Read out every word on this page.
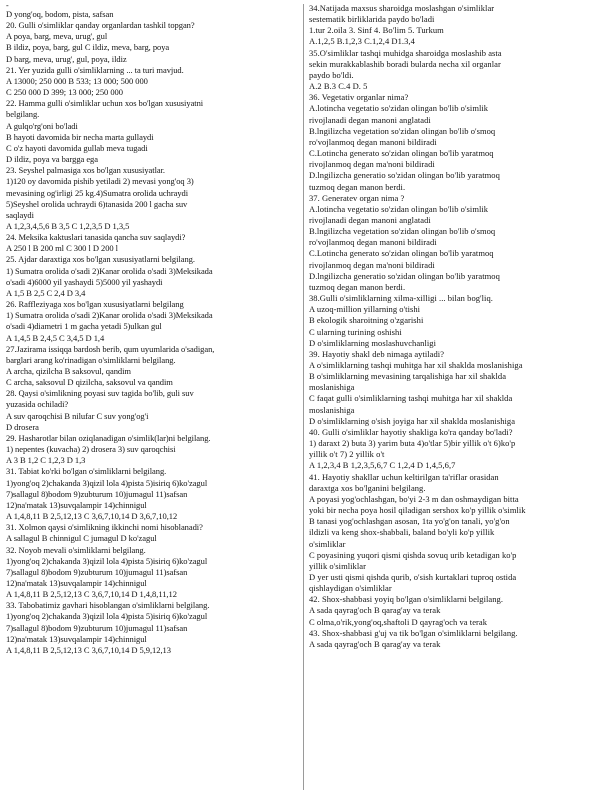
-
D yong'oq, bodom, pista, safsan
20. Gulli o'simliklar qanday organlardan tashkil topgan?
A poya, barg, meva, urug', gul
B ildiz, poya, barg, gul C ildiz, meva, barg, poya
D barg, meva, urug', gul, poya, ildiz
21. Yer yuzida gulli o'simliklarning ... ta turi mavjud.
A 13000; 250 000 B 533; 13 000; 500 000
C 250 000 D 399; 13 000; 250 000
22. Hamma gulli o'simliklar uchun xos bo'lgan xususiyatni
belgilang.
A gulqo'rg'oni bo'ladi
B hayoti davomida bir necha marta gullaydi
C o'z hayoti davomida gullab meva tugadi
D ildiz, poya va bargga ega
23. Seyshel palmasiga xos bo'lgan xususiyatlar.
1)120 oy davomida pishib yetiladi 2) mevasi yong'oq 3)
mevasining og'irligi 25 kg.4)Sumatra orolida uchraydi
5)Seyshel orolida uchraydi 6)tanasida 200 l gacha suv
saqlaydi
A 1,2,3,4,5,6 B 3,5 C 1,2,3,5 D 1,3,5
24. Meksika kaktuslari tanasida qancha suv saqlaydi?
A 250 l B 200 ml C 300 l D 200 l
25. Ajdar daraxtiga xos bo'lgan xususiyatlarni belgilang.
1) Sumatra orolida o'sadi 2)Kanar orolida o'sadi 3)Meksikada
o'sadi 4)6000 yil yashaydi 5)5000 yil yashaydi
A 1,5 B 2,5 C 2,4 D 3,4
26. Raffleziyaga xos bo'lgan xususiyatlarni belgilang
1) Sumatra orolida o'sadi 2)Kanar orolida o'sadi 3)Meksikada
o'sadi 4)diametri 1 m gacha yetadi 5)ulkan gul
A 1,4,5 B 2,4,5 C 3,4,5 D 1,4
27.Jazirama issiqqa bardosh berib, qum uyumlarida o'sadigan,
barglari arang ko'rinadigan o'simliklarni belgilang.
A archa, qizilcha B saksovul, qandim
C archa, saksovul D qizilcha, saksovul va qandim
28. Qaysi o'simlikning poyasi suv tagida bo'lib, guli suv
yuzasida ochiladi?
A suv qaroqchisi B nilufar C suv yong'og'i
D drosera
29. Hasharotlar bilan oziqlanadigan o'simlik(lar)ni belgilang.
1) nepentes (kuvacha) 2) drosera 3) suv qaroqchisi
A 3 B 1,2 C 1,2,3 D 1,3
31. Tabiat ko'rki bo'lgan o'simliklarni belgilang.
1)yong'oq 2)chakanda 3)qizil lola 4)pista 5)isiriq 6)ko'zagul
7)sallagul 8)bodom 9)zubturum 10)jumagul 11)safsan
12)na'matak 13)suvqalampir 14)chinnigul
A 1,4,8,11 B 2,5,12,13 C 3,6,7,10,14 D 3,6,7,10,12
31. Xolmon qaysi o'simlikning ikkinchi nomi hisoblanadi?
A sallagul B chinnigul C jumagul D ko'zagul
32. Noyob mevali o'simliklarni belgilang.
1)yong'oq 2)chakanda 3)qizil lola 4)pista 5)isiriq 6)ko'zagul
7)sallagul 8)bodom 9)zubturum 10)jumagul 11)safsan
12)na'matak 13)suvqalampir 14)chinnigul
A 1,4,8,11 B 2,5,12,13 C 3,6,7,10,14 D 1,4,8,11,12
33. Tabobatimiz gavhari hisoblangan o'simliklarni belgilang.
1)yong'oq 2)chakanda 3)qizil lola 4)pista 5)isiriq 6)ko'zagul
7)sallagul 8)bodom 9)zubturum 10)jumagul 11)safsan
12)na'matak 13)suvqalampir 14)chinnigul
A 1,4,8,11 B 2,5,12,13 C 3,6,7,10,14 D 5,9,12,13
34.Natijada maxsus sharoidga moslashgan o'simliklar
sestematik birliklarida paydo bo'ladi
1.tur 2.oila 3. Sinf 4. Bo'lim 5. Turkum
A.1,2,5 B.1,2,3 C.1,2,4 D1.3,4
35.O'simliklar tashqi muhidga sharoidga moslashib asta
sekin murakkablashib boradi bularda necha xil organlar
paydo bo'ldi.
A.2 B.3 C.4 D. 5
36. Vegetativ organlar nima?
A.lotincha vegetatio so'zidan olingan bo'lib o'simlik
rivojlanadi degan manoni anglatadi
B.lngilizcha vegetation so'zidan olingan bo'lib o'smoq
ro'vojlanmoq degan manoni bildiradi
C.Lotincha generato so'zidan olingan bo'lib yaratmoq
rivojlanmoq degan ma'noni bildiradi
D.lngilizcha generatio so'zidan olingan bo'lib yaratmoq
tuzmoq degan manon berdi.
37. Generatev organ nima ?
A.lotincha vegetatio so'zidan olingan bo'lib o'simlik
rivojlanadi degan manoni anglatadi
B.lngilizcha vegetation so'zidan olingan bo'lib o'smoq
ro'vojlanmoq degan manoni bildiradi
C.Lotincha generato so'zidan olingan bo'lib yaratmoq
rivojlanmoq degan ma'noni bildiradi
D.lngilizcha generatio so'zidan olingan bo'lib yaratmoq
tuzmoq degan manon berdi.
38.Gulli o'simliklarning xilma-xilligi ... bilan bog'liq.
A uzoq-million yillarning o'tishi
B ekologik sharoitning o'zgarishi
C ularning turining oshishi
D o'simliklarning moslashuvchanligi
39. Hayotiy shakl deb nimaga aytiladi?
A o'simliklarning tashqi muhitga har xil shaklda moslanishiga
B o'simliklarning mevasining tarqalishiga har xil shaklda
moslanishiga
C faqat gulli o'simliklarning tashqi muhitga har xil shaklda
moslanishiga
D o'simliklarning o'sish joyiga har xil shaklda moslanishiga
40. Gulli o'simliklar hayotiy shakliga ko'ra qanday bo'ladi?
1) daraxt 2) buta 3) yarim buta 4)o'tlar 5)bir yillik o't 6)ko'p
yillik o't 7) 2 yillik o't
A 1,2,3,4 B 1,2,3,5,6,7 C 1,2,4 D 1,4,5,6,7
41. Hayotiy shakllar uchun keltirilgan ta'riflar orasidan
daraxtga xos bo'lganini belgilang.
A poyasi yog'ochlashgan, bo'yi 2-3 m dan oshmaydigan bitta
yoki bir necha poya hosil qiladigan sershox ko'p yillik o'simlik
B tanasi yog'ochlashgan asosan, 1ta yo'g'on tanali, yo'g'on
ildizli va keng shox-shabbali, baland bo'yli ko'p yillik
o'simliklar
C poyasining yuqori qismi qishda sovuq urib ketadigan ko'p
yillik o'simliklar
D yer usti qismi qishda qurib, o'sish kurtaklari tuproq ostida
qishlaydigan o'simliklar
42. Shox-shabbasi yoyiq bo'lgan o'simliklarni belgilang.
A sada qayrag'och B qarag'ay va terak
C olma,o'rik,yong'oq,shaftoli D qayrag'och va terak
43. Shox-shabbasi g'uj va tik bo'lgan o'simliklarni belgilang.
A sada qayrag'och B qarag'ay va terak
